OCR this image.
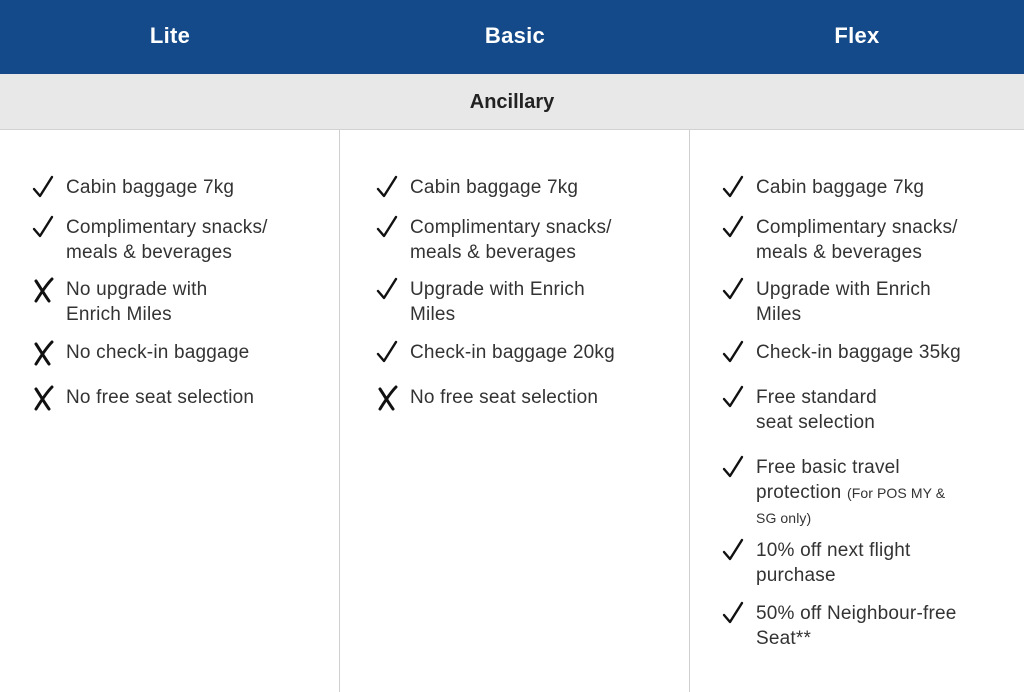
Lite	Basic	Flex
Ancillary
Cabin baggage 7kg
Complimentary snacks/
meals & beverages
No upgrade with
Enrich Miles
No check-in baggage
No free seat selection
Cabin baggage 7kg
Complimentary snacks/
meals & beverages
Upgrade with Enrich
Miles
Check-in baggage 20kg
No free seat selection
Cabin baggage 7kg
Complimentary snacks/
meals & beverages
Upgrade with Enrich
Miles
Check-in baggage 35kg
Free standard
seat selection
Free basic travel
protection (For POS MY &
SG only)
10% off next flight
purchase
50% off Neighbour-free
Seat**
